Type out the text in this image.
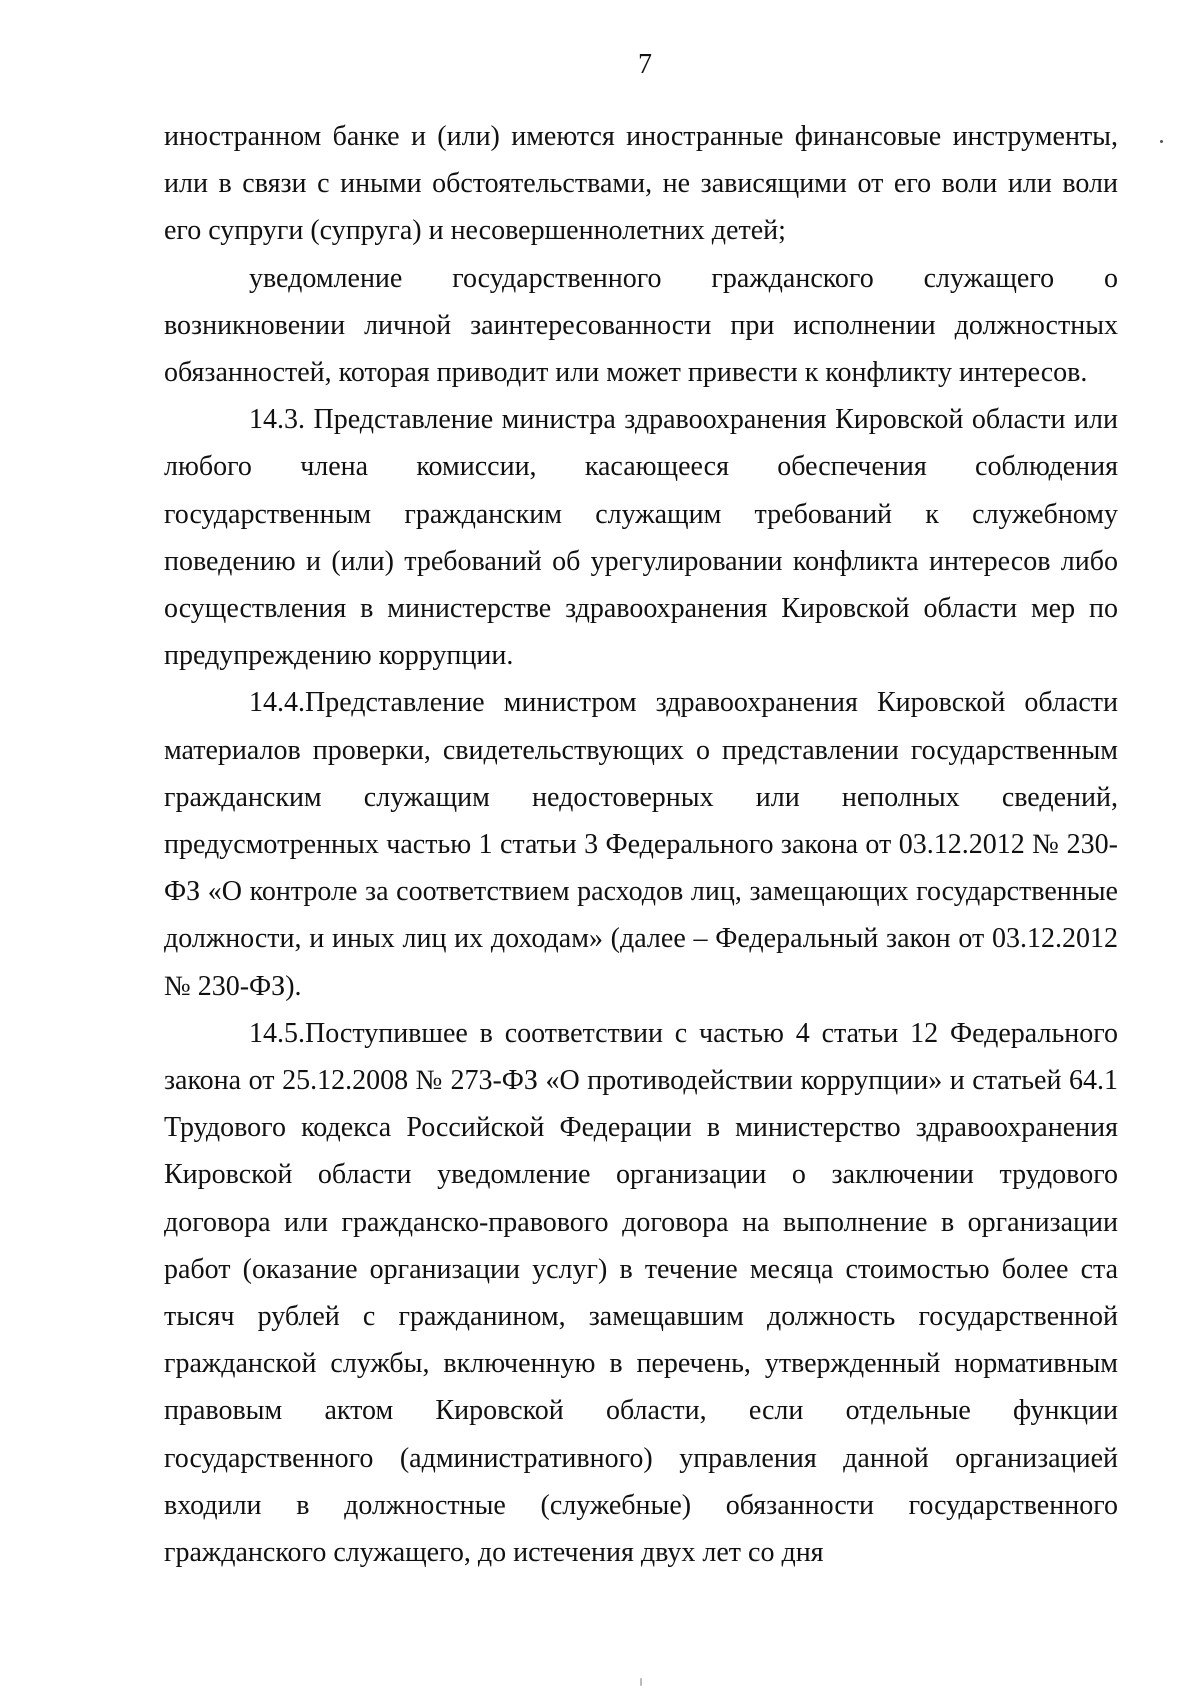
7

иностранном банке и (или) имеются иностранные финансовые инструменты, или в связи с иными обстоятельствами, не зависящими от его воли или воли его супруги (супруга) и несовершеннолетних детей;

уведомление государственного гражданского служащего о возникновении личной заинтересованности при исполнении должностных обязанностей, которая приводит или может привести к конфликту интересов.

14.3. Представление министра здравоохранения Кировской области или любого члена комиссии, касающееся обеспечения соблюдения государственным гражданским служащим требований к служебному поведению и (или) требований об урегулировании конфликта интересов либо осуществления в министерстве здравоохранения Кировской области мер по предупреждению коррупции.

14.4.Представление министром здравоохранения Кировской области материалов проверки, свидетельствующих о представлении государственным гражданским служащим недостоверных или неполных сведений, предусмотренных частью 1 статьи 3 Федерального закона от 03.12.2012 № 230-ФЗ «О контроле за соответствием расходов лиц, замещающих государственные должности, и иных лиц их доходам» (далее – Федеральный закон от 03.12.2012 № 230-ФЗ).

14.5.Поступившее в соответствии с частью 4 статьи 12 Федерального закона от 25.12.2008 № 273-ФЗ «О противодействии коррупции» и статьей 64.1 Трудового кодекса Российской Федерации в министерство здравоохранения Кировской области уведомление организации о заключении трудового договора или гражданско-правового договора на выполнение в организации работ (оказание организации услуг) в течение месяца стоимостью более ста тысяч рублей с гражданином, замещавшим должность государственной гражданской службы, включенную в перечень, утвержденный нормативным правовым актом Кировской области, если отдельные функции государственного (административного) управления данной организацией входили в должностные (служебные) обязанности государственного гражданского служащего, до истечения двух лет со дня
